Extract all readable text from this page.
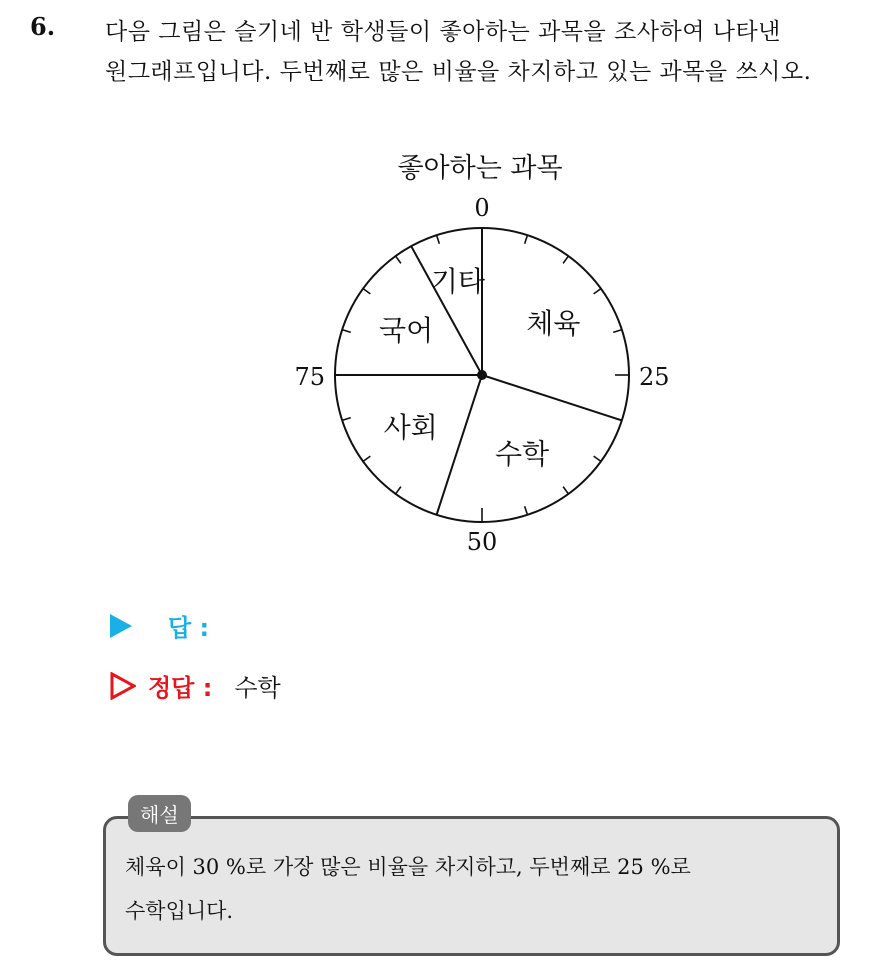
6. 다음 그림은 슬기네 반 학생들이 좋아하는 과목을 조사하여 나타낸
원그래프입니다. 두번째로 많은 비율을 차지하고 있는 과목을 쓰시오.
좋아하는 과목
0
25
50
75
체육
수학
사회
국어
기타
답 :
정답 : 수학
해설
체육이 30 %로 가장 많은 비율을 차지하고, 두번째로 25 %로
수학입니다.
